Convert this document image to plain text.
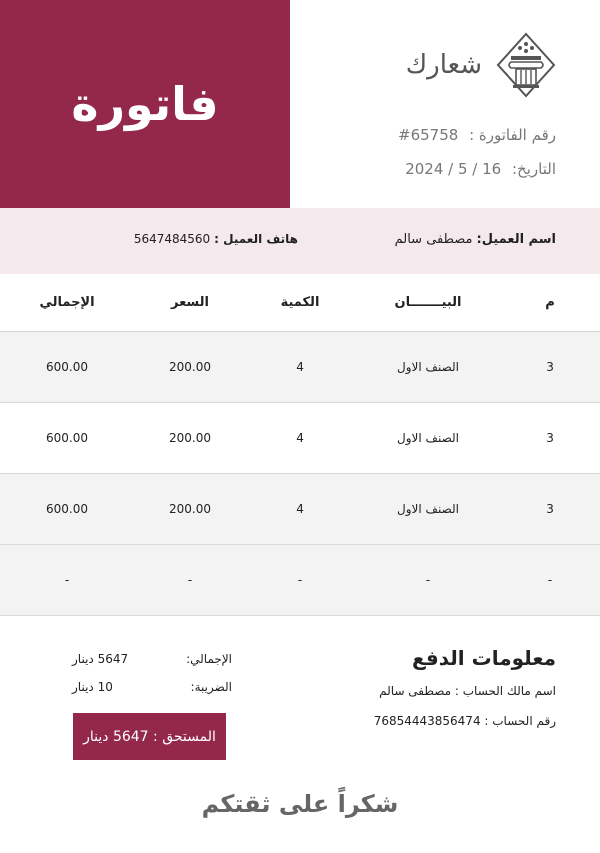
فاتورة
شعارك
رقم الفاتورة : 65758#
التاريخ: 16 / 5 / 2024
اسم العميل:مصطفى سالم
هاتف العميل :5647484560
م
البيـــــــان
الكمية
السعر
الإجمالي
3
الصنف الاول
4
200.00
600.00
3
الصنف الاول
4
200.00
600.00
3
الصنف الاول
4
200.00
600.00
-
-
-
-
-
معلومات الدفع
اسم مالك الحساب : مصطفى سالم
رقم الحساب : 76854443856474
الإجمالي:
5647 دينار
الضريبة:
10 دينار
المستحق :

5647 دينار
شكراً على ثقتكم
